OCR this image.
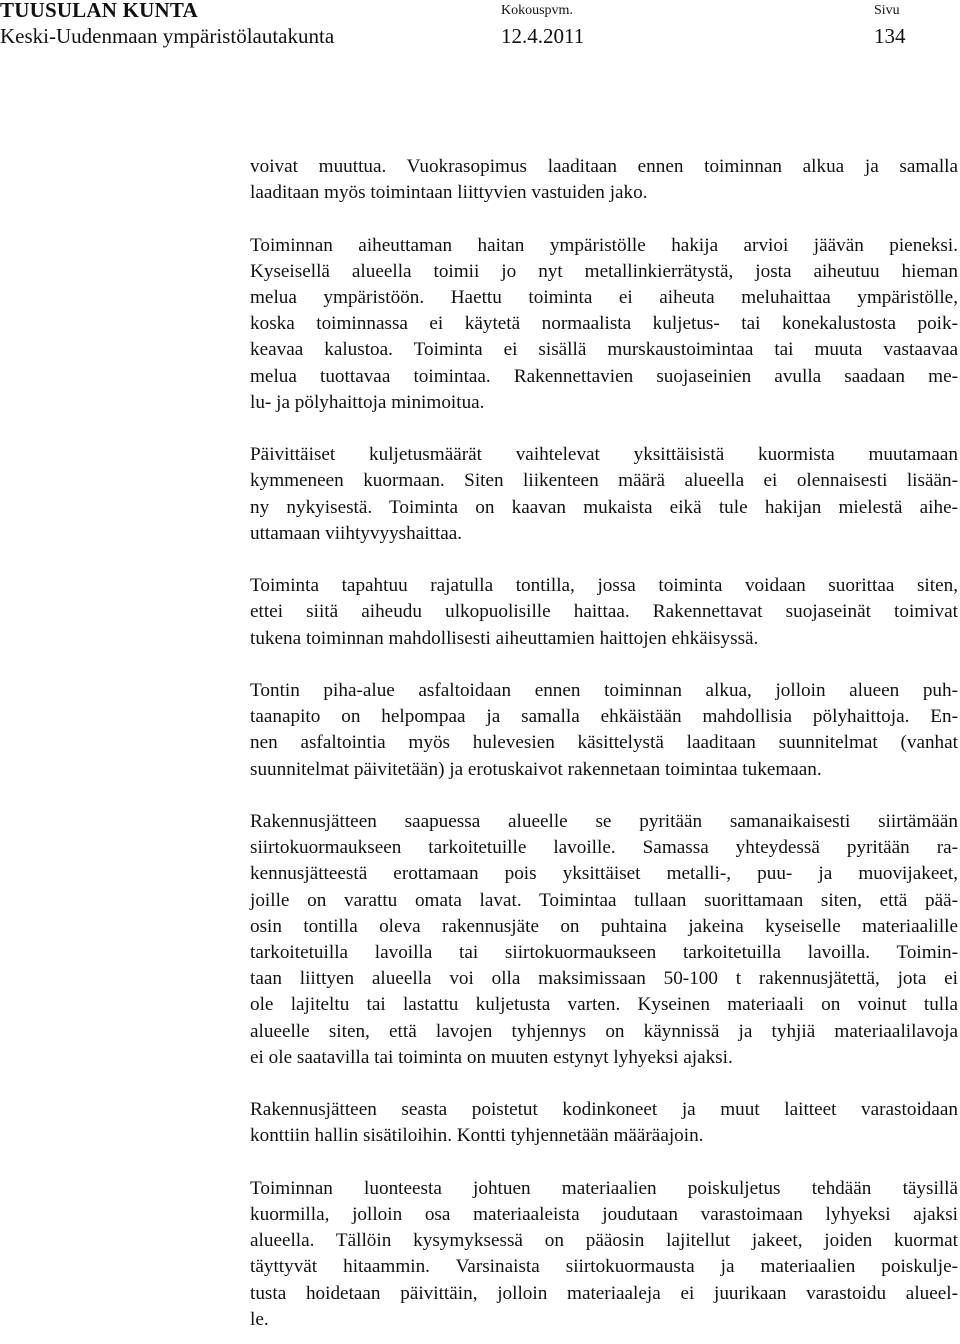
TUUSULAN KUNTA
Keski-Uudenmaan ympäristölautakunta
Kokouspvm.
12.4.2011
Sivu
134

voivat muuttua. Vuokrasopimus laaditaan ennen toiminnan alkua ja samalla
laaditaan myös toimintaan liittyvien vastuiden jako.

Toiminnan aiheuttaman haitan ympäristölle hakija arvioi jäävän pieneksi.
Kyseisellä alueella toimii jo nyt metallinkierrätystä, josta aiheutuu hieman
melua ympäristöön. Haettu toiminta ei aiheuta meluhaittaa ympäristölle,
koska toiminnassa ei käytetä normaalista kuljetus- tai konekalustosta poik-
keavaa kalustoa. Toiminta ei sisällä murskaustoimintaa tai muuta vastaavaa
melua tuottavaa toimintaa. Rakennettavien suojaseinien avulla saadaan me-
lu- ja pölyhaittoja minimoitua.

Päivittäiset kuljetusmäärät vaihtelevat yksittäisistä kuormista muutamaan
kymmeneen kuormaan. Siten liikenteen määrä alueella ei olennaisesti lisään-
ny nykyisestä. Toiminta on kaavan mukaista eikä tule hakijan mielestä aihe-
uttamaan viihtyvyyshaittaa.

Toiminta tapahtuu rajatulla tontilla, jossa toiminta voidaan suorittaa siten,
ettei siitä aiheudu ulkopuolisille haittaa. Rakennettavat suojaseinät toimivat
tukena toiminnan mahdollisesti aiheuttamien haittojen ehkäisyssä.

Tontin piha-alue asfaltoidaan ennen toiminnan alkua, jolloin alueen puh-
taanapito on helpompaa ja samalla ehkäistään mahdollisia pölyhaittoja. En-
nen asfaltointia myös hulevesien käsittelystä laaditaan suunnitelmat (vanhat
suunnitelmat päivitetään) ja erotuskaivot rakennetaan toimintaa tukemaan.

Rakennusjätteen saapuessa alueelle se pyritään samanaikaisesti siirtämään
siirtokuormaukseen tarkoitetuille lavoille. Samassa yhteydessä pyritään ra-
kennusjätteestä erottamaan pois yksittäiset metalli-, puu- ja muovijakeet,
joille on varattu omata lavat. Toimintaa tullaan suorittamaan siten, että pää-
osin tontilla oleva rakennusjäte on puhtaina jakeina kyseiselle materiaalille
tarkoitetuilla lavoilla tai siirtokuormaukseen tarkoitetuilla lavoilla. Toimin-
taan liittyen alueella voi olla maksimissaan 50-100 t rakennusjätettä, jota ei
ole lajiteltu tai lastattu kuljetusta varten. Kyseinen materiaali on voinut tulla
alueelle siten, että lavojen tyhjennys on käynnissä ja tyhjiä materiaalilavoja
ei ole saatavilla tai toiminta on muuten estynyt lyhyeksi ajaksi.

Rakennusjätteen seasta poistetut kodinkoneet ja muut laitteet varastoidaan
konttiin hallin sisätiloihin. Kontti tyhjennetään määräajoin.

Toiminnan luonteesta johtuen materiaalien poiskuljetus tehdään täysillä
kuormilla, jolloin osa materiaaleista joudutaan varastoimaan lyhyeksi ajaksi
alueella. Tällöin kysymyksessä on pääosin lajitellut jakeet, joiden kuormat
täyttyvät hitaammin. Varsinaista siirtokuormausta ja materiaalien poiskulje-
tusta hoidetaan päivittäin, jolloin materiaaleja ei juurikaan varastoidu alueel-
le.
